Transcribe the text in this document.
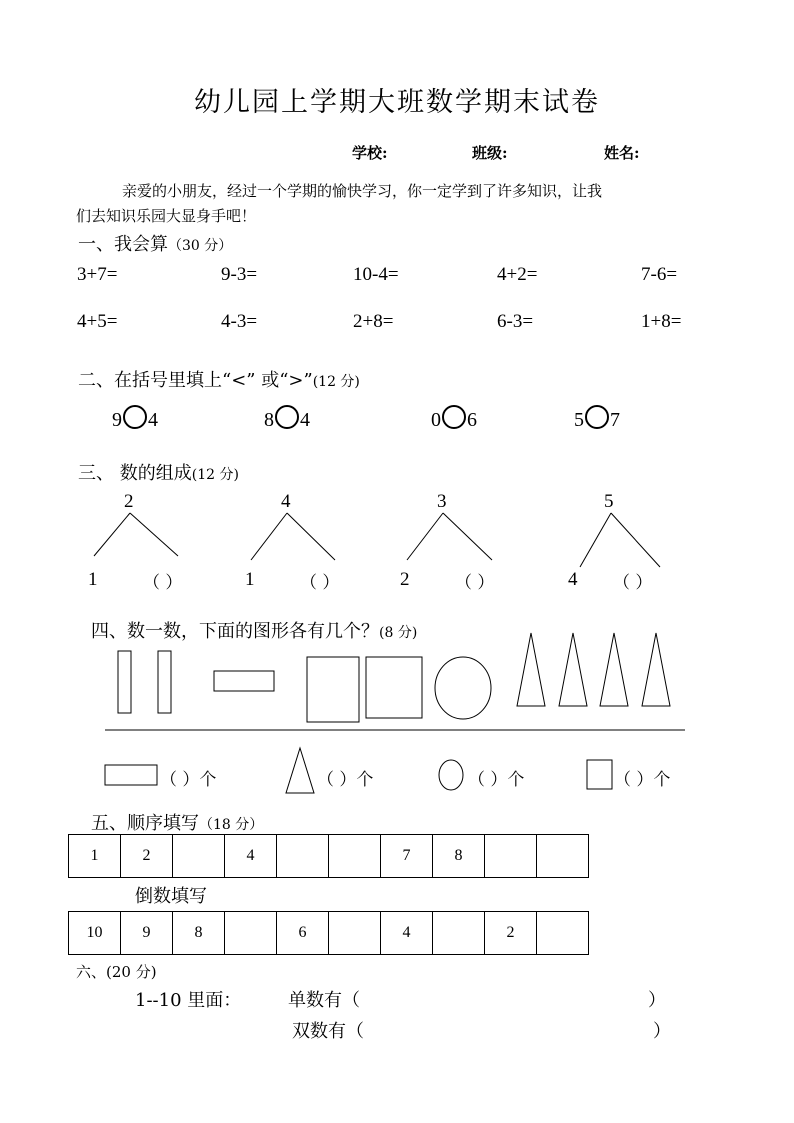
幼儿园上学期大班数学期末试卷
学校:	班级:	姓名:
亲爱的小朋友，经过一个学期的愉快学习，你一定学到了许多知识，让我
们去知识乐园大显身手吧！
一、我会算（30 分）
3+7=	9-3=	10-4=	4+2=	7-6=
4+5=	4-3=	2+8=	6-3=	1+8=
二、在括号里填上“<” 或“>”(12 分)
9 4	8 4	0 6	5 7
三、 数的组成(12 分)
2	4	3	5
1	（ ）	1	（ ）	2	（ ）	4 （ ）
四、数一数，下面的图形各有几个？(8 分)
（ ）个	（ ）个	（ ）个	（ ）个
五、顺序填写（18 分）
1	2		4			7	8		
倒数填写
10	9	8		6		4		2	
六、(20 分)
1--10 里面：	单数有（	）
双数有（	）
